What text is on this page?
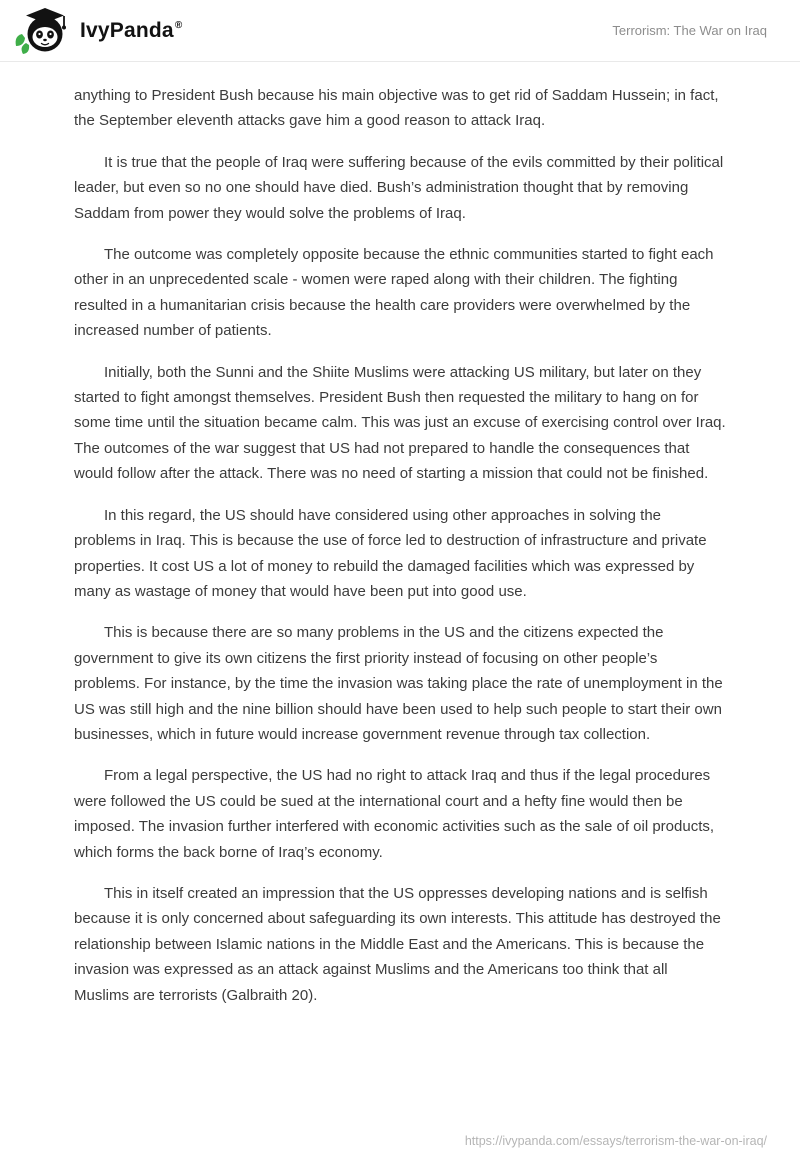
IvyPanda®	Terrorism: The War on Iraq

anything to President Bush because his main objective was to get rid of Saddam Hussein; in fact, the September eleventh attacks gave him a good reason to attack Iraq.

It is true that the people of Iraq were suffering because of the evils committed by their political leader, but even so no one should have died. Bush’s administration thought that by removing Saddam from power they would solve the problems of Iraq.

The outcome was completely opposite because the ethnic communities started to fight each other in an unprecedented scale - women were raped along with their children. The fighting resulted in a humanitarian crisis because the health care providers were overwhelmed by the increased number of patients.

Initially, both the Sunni and the Shiite Muslims were attacking US military, but later on they started to fight amongst themselves. President Bush then requested the military to hang on for some time until the situation became calm. This was just an excuse of exercising control over Iraq. The outcomes of the war suggest that US had not prepared to handle the consequences that would follow after the attack. There was no need of starting a mission that could not be finished.

In this regard, the US should have considered using other approaches in solving the problems in Iraq. This is because the use of force led to destruction of infrastructure and private properties. It cost US a lot of money to rebuild the damaged facilities which was expressed by many as wastage of money that would have been put into good use.

This is because there are so many problems in the US and the citizens expected the government to give its own citizens the first priority instead of focusing on other people’s problems. For instance, by the time the invasion was taking place the rate of unemployment in the US was still high and the nine billion should have been used to help such people to start their own businesses, which in future would increase government revenue through tax collection.

From a legal perspective, the US had no right to attack Iraq and thus if the legal procedures were followed the US could be sued at the international court and a hefty fine would then be imposed. The invasion further interfered with economic activities such as the sale of oil products, which forms the back borne of Iraq’s economy.

This in itself created an impression that the US oppresses developing nations and is selfish because it is only concerned about safeguarding its own interests. This attitude has destroyed the relationship between Islamic nations in the Middle East and the Americans. This is because the invasion was expressed as an attack against Muslims and the Americans too think that all Muslims are terrorists (Galbraith 20).

https://ivypanda.com/essays/terrorism-the-war-on-iraq/
